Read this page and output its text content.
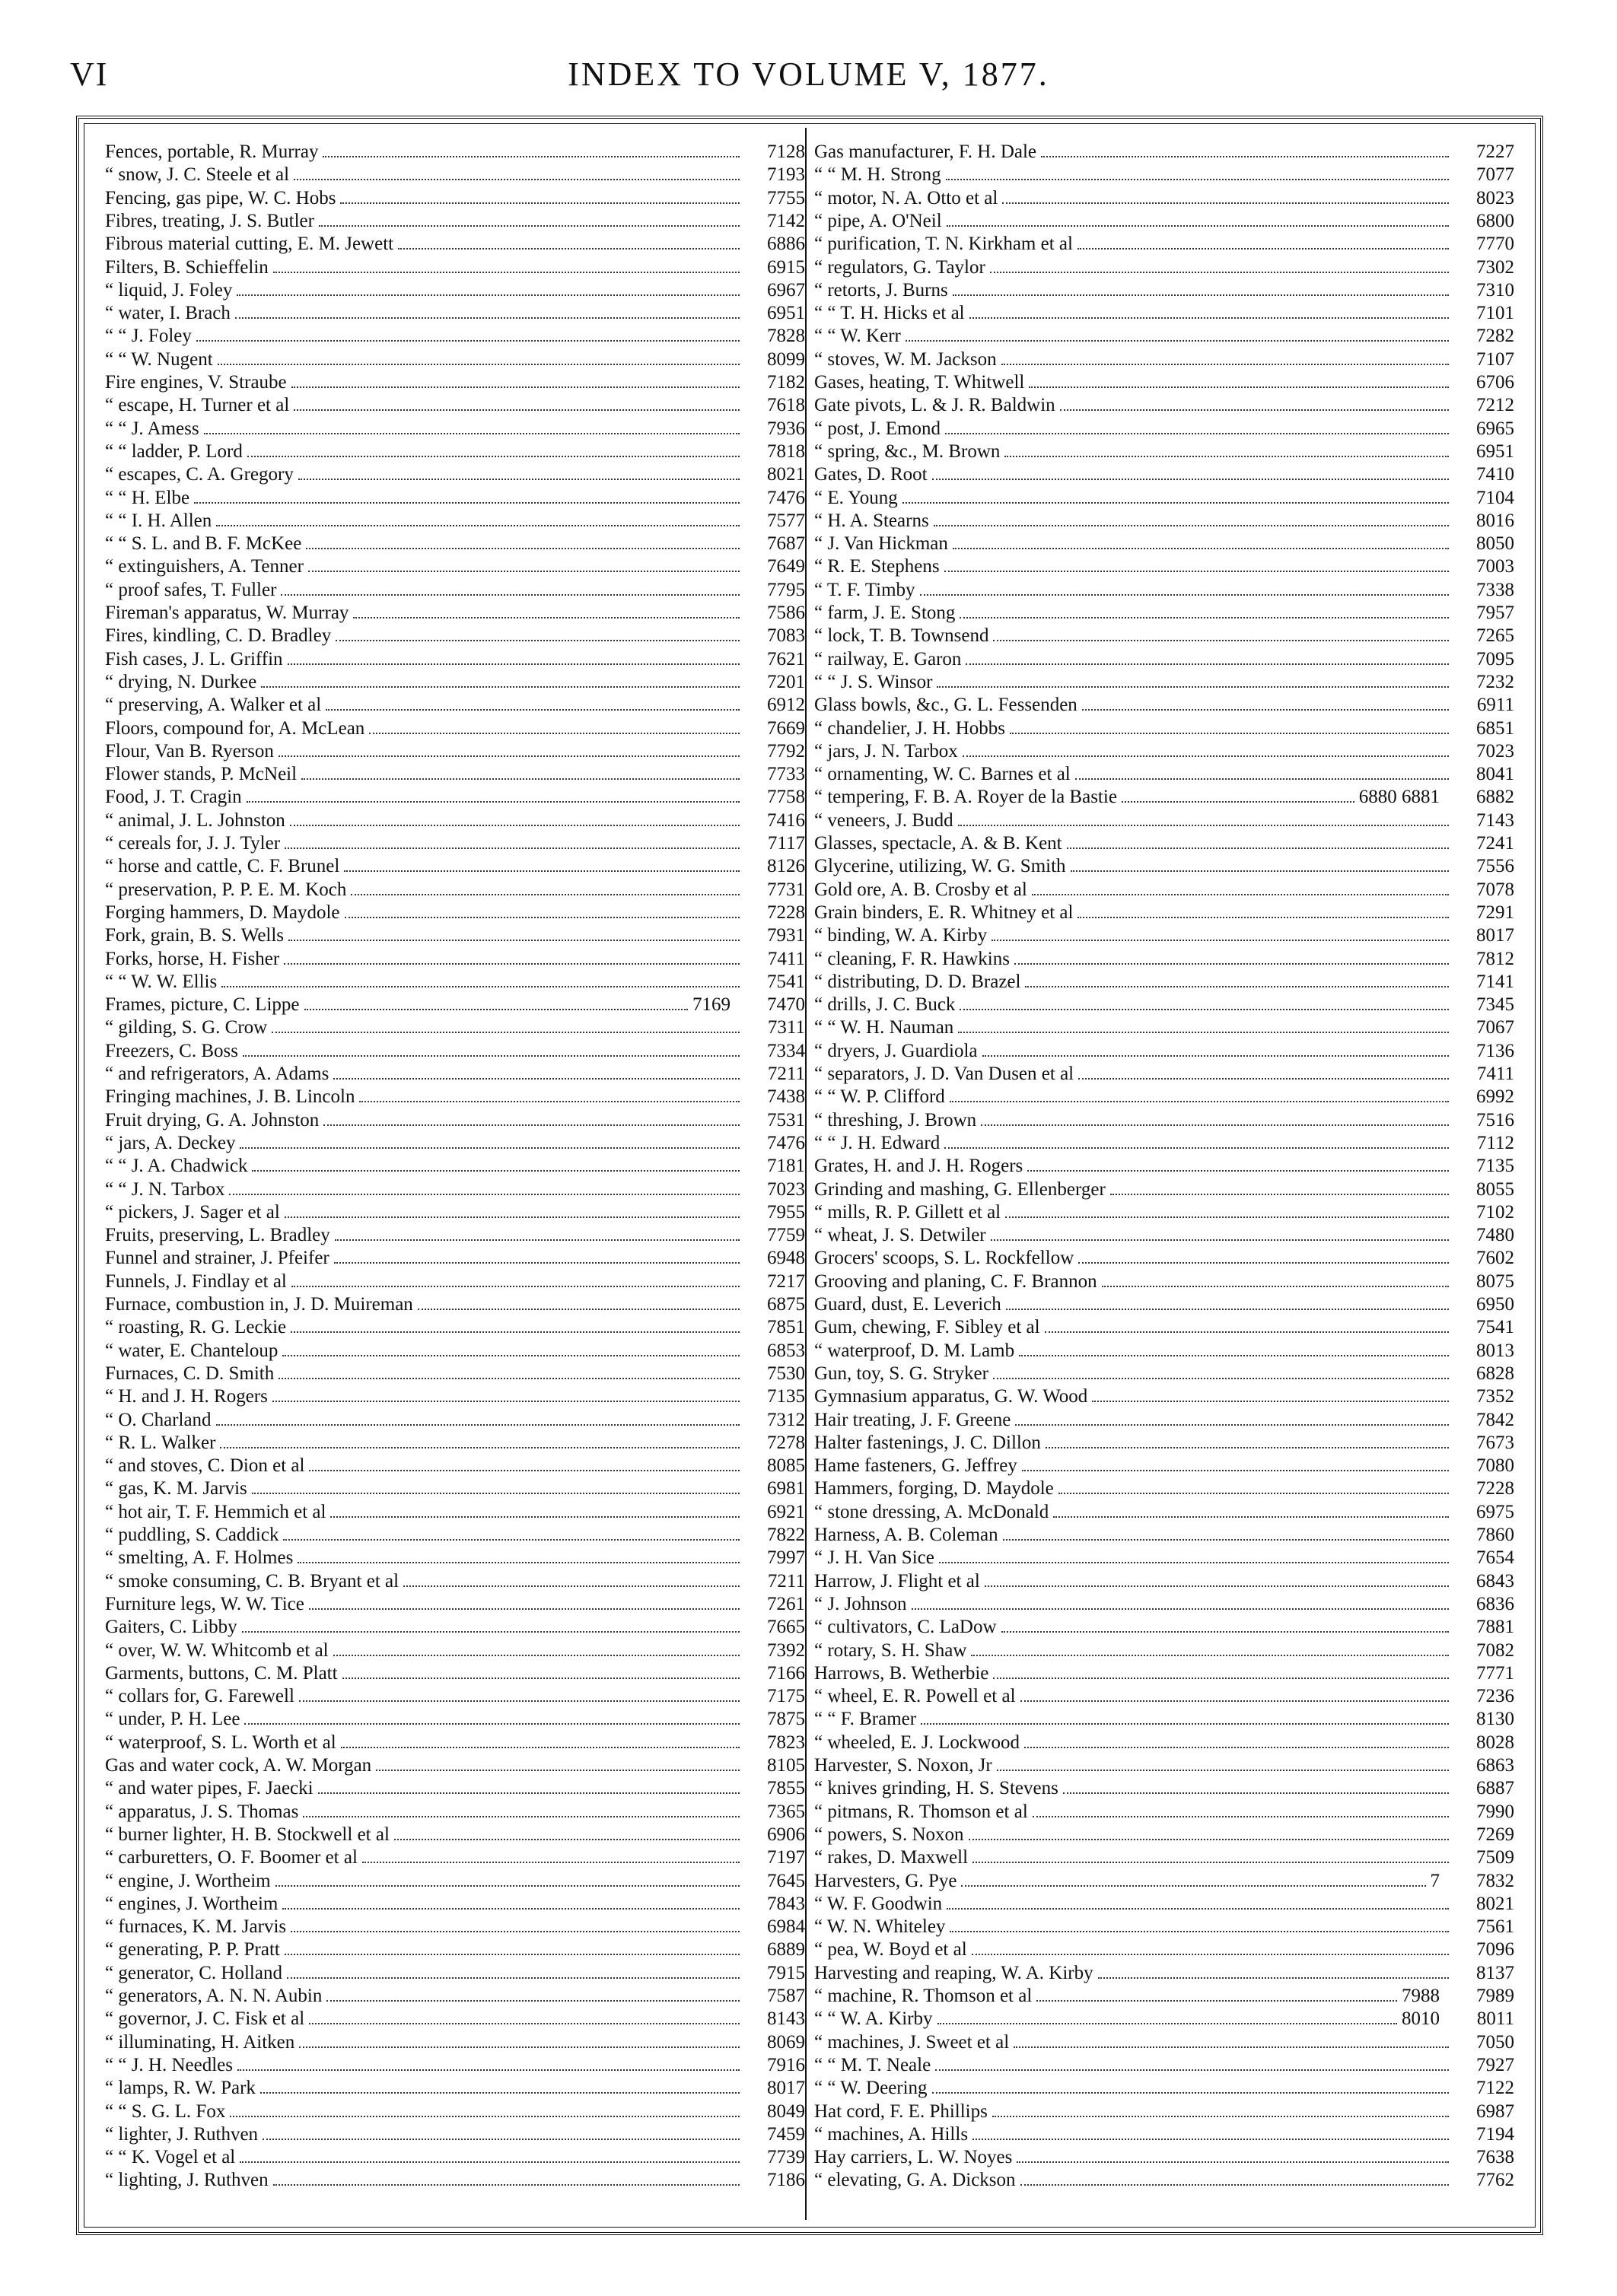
VI	INDEX TO VOLUME V, 1877.
Fences, portable, R. Murray	7128
“ snow, J. C. Steele et al	7193
Fencing, gas pipe, W. C. Hobs	7755
Fibres, treating, J. S. Butler	7142
Fibrous material cutting, E. M. Jewett	6886
Filters, B. Schieffelin	6915
“ liquid, J. Foley	6967
“ water, I. Brach	6951
“ “ J. Foley	7828
“ “ W. Nugent	8099
Fire engines, V. Straube	7182
“ escape, H. Turner et al	7618
“ “ J. Amess	7936
“ “ ladder, P. Lord	7818
“ escapes, C. A. Gregory	8021
“ “ H. Elbe	7476
“ “ I. H. Allen	7577
“ “ S. L. and B. F. McKee	7687
“ extinguishers, A. Tenner	7649
“ proof safes, T. Fuller	7795
Fireman's apparatus, W. Murray	7586
Fires, kindling, C. D. Bradley	7083
Fish cases, J. L. Griffin	7621
“ drying, N. Durkee	7201
“ preserving, A. Walker et al	6912
Floors, compound for, A. McLean	7669
Flour, Van B. Ryerson	7792
Flower stands, P. McNeil	7733
Food, J. T. Cragin	7758
“ animal, J. L. Johnston	7416
“ cereals for, J. J. Tyler	7117
“ horse and cattle, C. F. Brunel	8126
“ preservation, P. P. E. M. Koch	7731
Forging hammers, D. Maydole	7228
Fork, grain, B. S. Wells	7931
Forks, horse, H. Fisher	7411
“ “ W. W. Ellis	7541
Frames, picture, C. Lippe	7169	7470
“ gilding, S. G. Crow	7311
Freezers, C. Boss	7334
“ and refrigerators, A. Adams	7211
Fringing machines, J. B. Lincoln	7438
Fruit drying, G. A. Johnston	7531
“ jars, A. Deckey	7476
“ “ J. A. Chadwick	7181
“ “ J. N. Tarbox	7023
“ pickers, J. Sager et al	7955
Fruits, preserving, L. Bradley	7759
Funnel and strainer, J. Pfeifer	6948
Funnels, J. Findlay et al	7217
Furnace, combustion in, J. D. Muireman	6875
“ roasting, R. G. Leckie	7851
“ water, E. Chanteloup	6853
Furnaces, C. D. Smith	7530
“ H. and J. H. Rogers	7135
“ O. Charland	7312
“ R. L. Walker	7278
“ and stoves, C. Dion et al	8085
“ gas, K. M. Jarvis	6981
“ hot air, T. F. Hemmich et al	6921
“ puddling, S. Caddick	7822
“ smelting, A. F. Holmes	7997
“ smoke consuming, C. B. Bryant et al	7211
Furniture legs, W. W. Tice	7261
Gaiters, C. Libby	7665
“ over, W. W. Whitcomb et al	7392
Garments, buttons, C. M. Platt	7166
“ collars for, G. Farewell	7175
“ under, P. H. Lee	7875
“ waterproof, S. L. Worth et al	7823
Gas and water cock, A. W. Morgan	8105
“ and water pipes, F. Jaecki	7855
“ apparatus, J. S. Thomas	7365
“ burner lighter, H. B. Stockwell et al	6906
“ carburetters, O. F. Boomer et al	7197
“ engine, J. Wortheim	7645
“ engines, J. Wortheim	7843
“ furnaces, K. M. Jarvis	6984
“ generating, P. P. Pratt	6889
“ generator, C. Holland	7915
“ generators, A. N. N. Aubin	7587
“ governor, J. C. Fisk et al	8143
“ illuminating, H. Aitken	8069
“ “ J. H. Needles	7916
“ lamps, R. W. Park	8017
“ “ S. G. L. Fox	8049
“ lighter, J. Ruthven	7459
“ “ K. Vogel et al	7739
“ lighting, J. Ruthven	7186
Gas manufacturer, F. H. Dale	7227
“ “ M. H. Strong	7077
“ motor, N. A. Otto et al	8023
“ pipe, A. O'Neil	6800
“ purification, T. N. Kirkham et al	7770
“ regulators, G. Taylor	7302
“ retorts, J. Burns	7310
“ “ T. H. Hicks et al	7101
“ “ W. Kerr	7282
“ stoves, W. M. Jackson	7107
Gases, heating, T. Whitwell	6706
Gate pivots, L. & J. R. Baldwin	7212
“ post, J. Emond	6965
“ spring, &c., M. Brown	6951
Gates, D. Root	7410
“ E. Young	7104
“ H. A. Stearns	8016
“ J. Van Hickman	8050
“ R. E. Stephens	7003
“ T. F. Timby	7338
“ farm, J. E. Stong	7957
“ lock, T. B. Townsend	7265
“ railway, E. Garon	7095
“ “ J. S. Winsor	7232
Glass bowls, &c., G. L. Fessenden	6911
“ chandelier, J. H. Hobbs	6851
“ jars, J. N. Tarbox	7023
“ ornamenting, W. C. Barnes et al	8041
“ tempering, F. B. A. Royer de la Bastie	6880 6881	6882
“ veneers, J. Budd	7143
Glasses, spectacle, A. & B. Kent	7241
Glycerine, utilizing, W. G. Smith	7556
Gold ore, A. B. Crosby et al	7078
Grain binders, E. R. Whitney et al	7291
“ binding, W. A. Kirby	8017
“ cleaning, F. R. Hawkins	7812
“ distributing, D. D. Brazel	7141
“ drills, J. C. Buck	7345
“ “ W. H. Nauman	7067
“ dryers, J. Guardiola	7136
“ separators, J. D. Van Dusen et al	7411
“ “ W. P. Clifford	6992
“ threshing, J. Brown	7516
“ “ J. H. Edward	7112
Grates, H. and J. H. Rogers	7135
Grinding and mashing, G. Ellenberger	8055
“ mills, R. P. Gillett et al	7102
“ wheat, J. S. Detwiler	7480
Grocers' scoops, S. L. Rockfellow	7602
Grooving and planing, C. F. Brannon	8075
Guard, dust, E. Leverich	6950
Gum, chewing, F. Sibley et al	7541
“ waterproof, D. M. Lamb	8013
Gun, toy, S. G. Stryker	6828
Gymnasium apparatus, G. W. Wood	7352
Hair treating, J. F. Greene	7842
Halter fastenings, J. C. Dillon	7673
Hame fasteners, G. Jeffrey	7080
Hammers, forging, D. Maydole	7228
“ stone dressing, A. McDonald	6975
Harness, A. B. Coleman	7860
“ J. H. Van Sice	7654
Harrow, J. Flight et al	6843
“ J. Johnson	6836
“ cultivators, C. LaDow	7881
“ rotary, S. H. Shaw	7082
Harrows, B. Wetherbie	7771
“ wheel, E. R. Powell et al	7236
“ “ F. Bramer	8130
“ wheeled, E. J. Lockwood	8028
Harvester, S. Noxon, Jr	6863
“ knives grinding, H. S. Stevens	6887
“ pitmans, R. Thomson et al	7990
“ powers, S. Noxon	7269
“ rakes, D. Maxwell	7509
Harvesters, G. Pye	7	7832
“ W. F. Goodwin	8021
“ W. N. Whiteley	7561
“ pea, W. Boyd et al	7096
Harvesting and reaping, W. A. Kirby	8137
“ machine, R. Thomson et al	7988	7989
“ “ W. A. Kirby	8010	8011
“ machines, J. Sweet et al	7050
“ “ M. T. Neale	7927
“ “ W. Deering	7122
Hat cord, F. E. Phillips	6987
“ machines, A. Hills	7194
Hay carriers, L. W. Noyes	7638
“ elevating, G. A. Dickson	7762
